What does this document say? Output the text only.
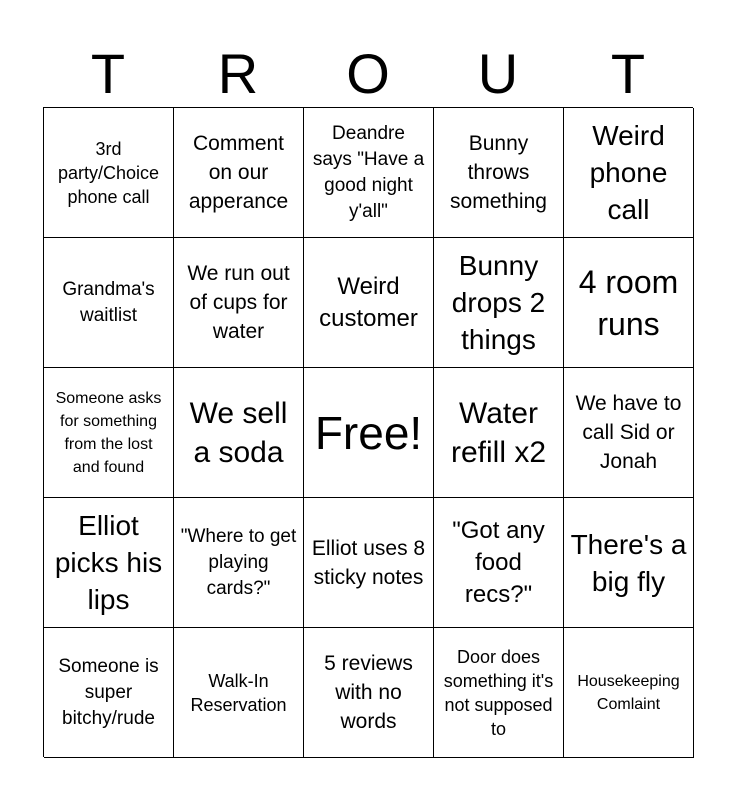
T	R	O	U	T
3rd party/Choice phone call
Comment on our apperance
Deandre says "Have a good night y'all"
Bunny throws something
Weird phone call
Grandma's waitlist
We run out of cups for water
Weird customer
Bunny drops 2 things
4 room runs
Someone asks for something from the lost and found
We sell a soda Free!	Water refill x2
We have to call Sid or Jonah
Elliot picks his lips
"Where to get playing cards?"
Elliot uses 8 sticky notes
"Got any food recs?"
There's a big fly
Someone is super bitchy/rude
Walk-In Reservation
5 reviews with no words
Door does something it's not supposed to
Housekeeping Comlaint
